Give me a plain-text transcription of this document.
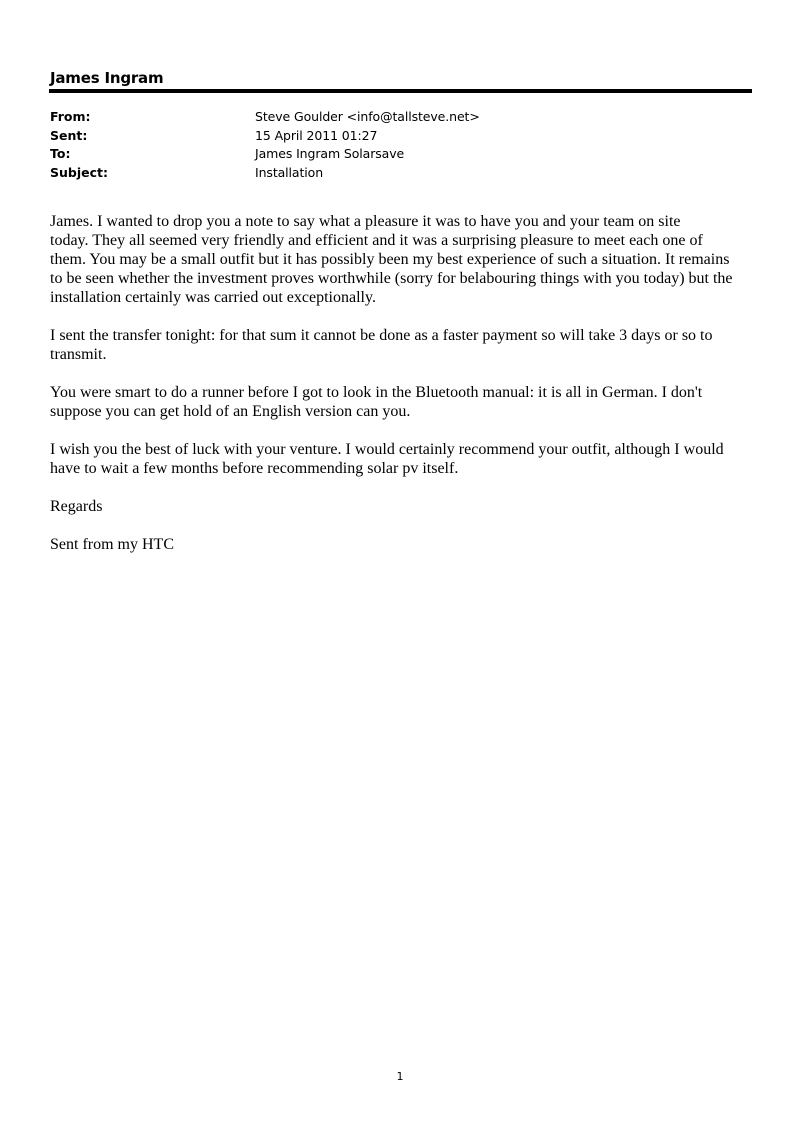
James Ingram
From:	Steve Goulder <info@tallsteve.net>
Sent:	15 April 2011 01:27
To:	James Ingram Solarsave
Subject:	Installation

James. I wanted to drop you a note to say what a pleasure it was to have you and your team on site
today. They all seemed very friendly and efficient and it was a surprising pleasure to meet each one of
them. You may be a small outfit but it has possibly been my best experience of such a situation. It remains
to be seen whether the investment proves worthwhile (sorry for belabouring things with you today) but the
installation certainly was carried out exceptionally.

I sent the transfer tonight: for that sum it cannot be done as a faster payment so will take 3 days or so to
transmit.

You were smart to do a runner before I got to look in the Bluetooth manual: it is all in German. I don't
suppose you can get hold of an English version can you.

I wish you the best of luck with your venture. I would certainly recommend your outfit, although I would
have to wait a few months before recommending solar pv itself.

Regards

Sent from my HTC

1
